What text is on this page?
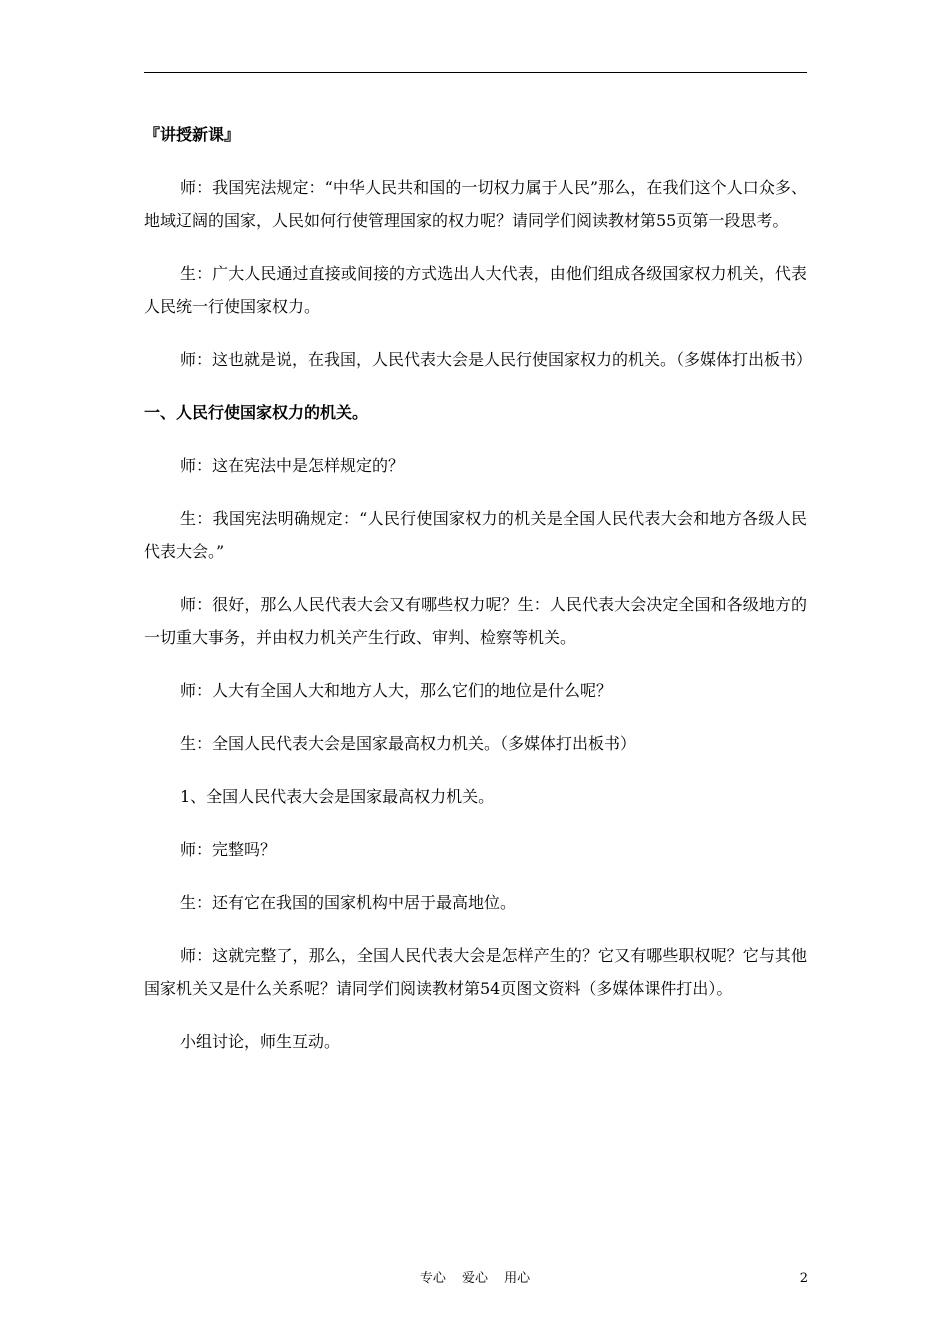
『讲授新课』

师：我国宪法规定：“中华人民共和国的一切权力属于人民”那么，在我们这个人口众多、地域辽阔的国家，人民如何行使管理国家的权力呢？请同学们阅读教材第55页第一段思考。

生：广大人民通过直接或间接的方式选出人大代表，由他们组成各级国家权力机关，代表人民统一行使国家权力。

师：这也就是说，在我国，人民代表大会是人民行使国家权力的机关。（多媒体打出板书）

一、人民行使国家权力的机关。

师：这在宪法中是怎样规定的？

生：我国宪法明确规定：“人民行使国家权力的机关是全国人民代表大会和地方各级人民代表大会。”

师：很好，那么人民代表大会又有哪些权力呢？生：人民代表大会决定全国和各级地方的一切重大事务，并由权力机关产生行政、审判、检察等机关。

师：人大有全国人大和地方人大，那么它们的地位是什么呢？

生：全国人民代表大会是国家最高权力机关。（多媒体打出板书）

1、全国人民代表大会是国家最高权力机关。

师：完整吗？

生：还有它在我国的国家机构中居于最高地位。

师：这就完整了，那么，全国人民代表大会是怎样产生的？它又有哪些职权呢？它与其他国家机关又是什么关系呢？请同学们阅读教材第54页图文资料（多媒体课件打出）。

小组讨论，师生互动。

专心 爱心 用心	2
